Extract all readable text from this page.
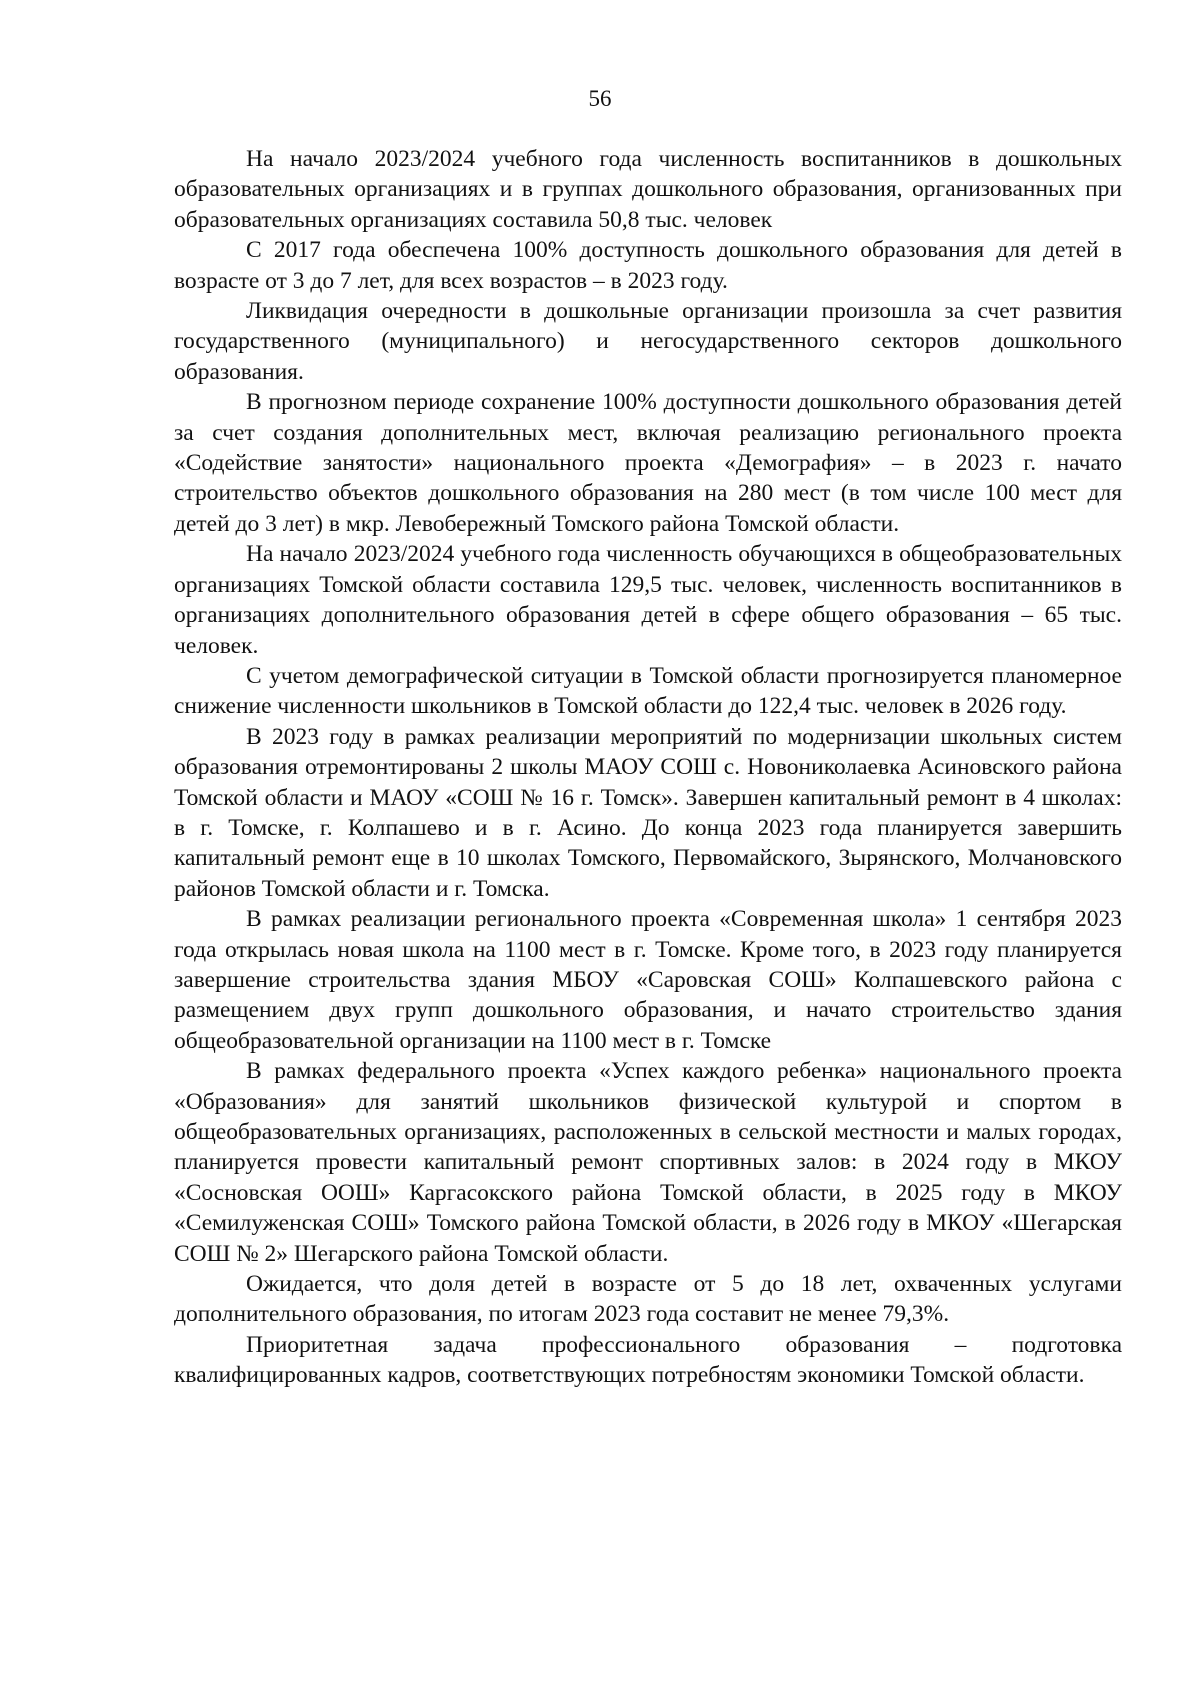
56

На начало 2023/2024 учебного года численность воспитанников в дошкольных образовательных организациях и в группах дошкольного образования, организованных при образовательных организациях составила 50,8 тыс. человек

С 2017 года обеспечена 100% доступность дошкольного образования для детей в возрасте от 3 до 7 лет, для всех возрастов – в 2023 году.

Ликвидация очередности в дошкольные организации произошла за счет развития государственного (муниципального) и негосударственного секторов дошкольного образования.

В прогнозном периоде сохранение 100% доступности дошкольного образования детей за счет создания дополнительных мест, включая реализацию регионального проекта «Содействие занятости» национального проекта «Демография» – в 2023 г. начато строительство объектов дошкольного образования на 280 мест (в том числе 100 мест для детей до 3 лет) в мкр. Левобережный Томского района Томской области.

На начало 2023/2024 учебного года численность обучающихся в общеобразовательных организациях Томской области составила 129,5 тыс. человек, численность воспитанников в организациях дополнительного образования детей в сфере общего образования – 65 тыс. человек.

С учетом демографической ситуации в Томской области прогнозируется планомерное снижение численности школьников в Томской области до 122,4 тыс. человек в 2026 году.

В 2023 году в рамках реализации мероприятий по модернизации школьных систем образования отремонтированы 2 школы МАОУ СОШ с. Новониколаевка Асиновского района Томской области и МАОУ «СОШ № 16 г. Томск». Завершен капитальный ремонт в 4 школах: в г. Томске, г. Колпашево и в г. Асино. До конца 2023 года планируется завершить капитальный ремонт еще в 10 школах Томского, Первомайского, Зырянского, Молчановского районов Томской области и г. Томска.

В рамках реализации регионального проекта «Современная школа» 1 сентября 2023 года открылась новая школа на 1100 мест в г. Томске. Кроме того, в 2023 году планируется завершение строительства здания МБОУ «Саровская СОШ» Колпашевского района с размещением двух групп дошкольного образования, и начато строительство здания общеобразовательной организации на 1100 мест в г. Томске

В рамках федерального проекта «Успех каждого ребенка» национального проекта «Образования» для занятий школьников физической культурой и спортом в общеобразовательных организациях, расположенных в сельской местности и малых городах, планируется провести капитальный ремонт спортивных залов: в 2024 году в МКОУ «Сосновская ООШ» Каргасокского района Томской области, в 2025 году в МКОУ «Семилуженская СОШ» Томского района Томской области, в 2026 году в МКОУ «Шегарская СОШ № 2» Шегарского района Томской области.

Ожидается, что доля детей в возрасте от 5 до 18 лет, охваченных услугами дополнительного образования, по итогам 2023 года составит не менее 79,3%.

Приоритетная задача профессионального образования – подготовка квалифицированных кадров, соответствующих потребностям экономики Томской области.
